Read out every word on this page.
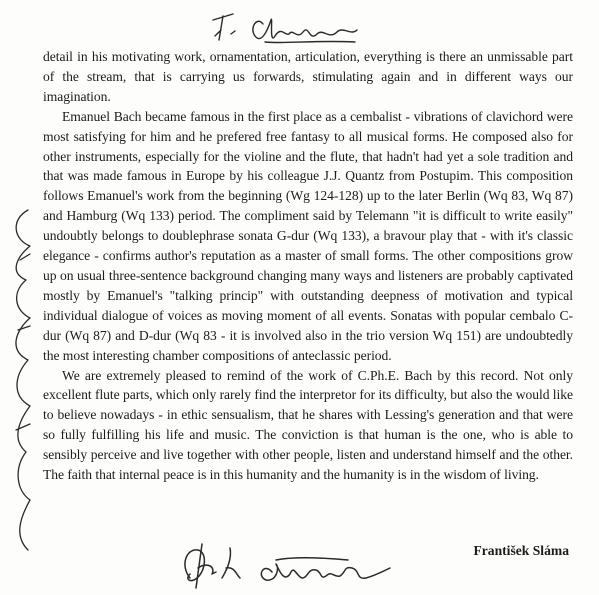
detail in his motivating work, ornamentation, articulation, everything is there an unmissable part of the stream, that is carrying us forwards, stimulating again and in different ways our imagination.

Emanuel Bach became famous in the first place as a cembalist - vibrations of clavichord were most satisfying for him and he prefered free fantasy to all musical forms. He composed also for other instruments, especially for the violine and the flute, that hadn't had yet a sole tradition and that was made famous in Europe by his colleague J.J. Quantz from Postupim. This composition follows Emanuel's work from the beginning (Wg 124-128) up to the later Berlin (Wq 83, Wq 87) and Hamburg (Wq 133) period. The compliment said by Telemann "it is difficult to write easily" undoubtly belongs to doublephrase sonata G-dur (Wq 133), a bravour play that - with it's classic elegance - confirms author's reputation as a master of small forms. The other compositions grow up on usual three-sentence background changing many ways and listeners are probably captivated mostly by Emanuel's "talking princip" with outstanding deepness of motivation and typical individual dialogue of voices as moving moment of all events. Sonatas with popular cembalo C-dur (Wq 87) and D-dur (Wq 83 - it is involved also in the trio version Wq 151) are undoubtedly the most interesting chamber compositions of anteclassic period.

We are extremely pleased to remind of the work of C.Ph.E. Bach by this record. Not only excellent flute parts, which only rarely find the interpretor for its difficulty, but also the would like to believe nowadays - in ethic sensualism, that he shares with Lessing's generation and that were so fully fulfilling his life and music. The conviction is that human is the one, who is able to sensibly perceive and live together with other people, listen and understand himself and the other. The faith that internal peace is in this humanity and the humanity is in the wisdom of living.

František Sláma
